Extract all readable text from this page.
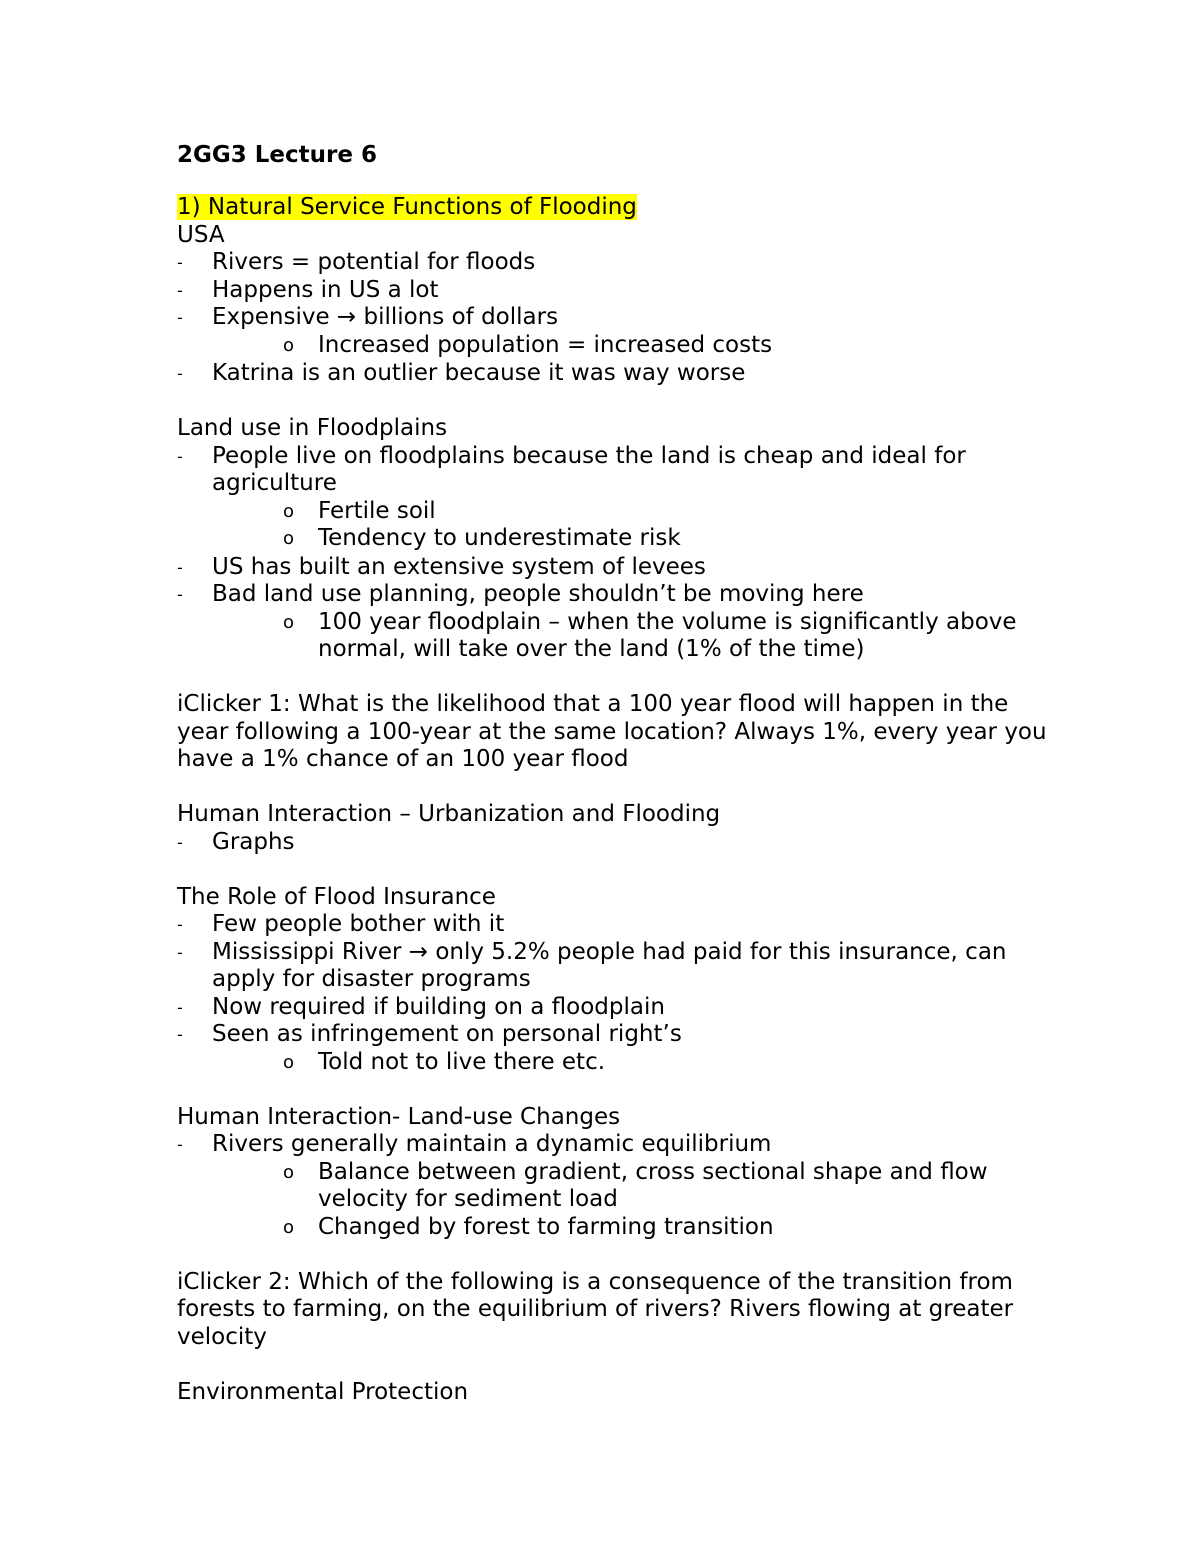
2GG3 Lecture 6

1) Natural Service Functions of Flooding

USA

- Rivers = potential for floods
- Happens in US a lot
- Expensive → billions of dollars
o Increased population = increased costs
- Katrina is an outlier because it was way worse

Land use in Floodplains

- People live on floodplains because the land is cheap and ideal for agriculture
o Fertile soil
o Tendency to underestimate risk
- US has built an extensive system of levees
- Bad land use planning, people shouldn’t be moving here
o 100 year floodplain – when the volume is significantly above normal, will take over the land (1% of the time)

iClicker 1: What is the likelihood that a 100 year flood will happen in the year following a 100-year at the same location? Always 1%, every year you have a 1% chance of an 100 year flood

Human Interaction – Urbanization and Flooding

- Graphs

The Role of Flood Insurance

- Few people bother with it
- Mississippi River → only 5.2% people had paid for this insurance, can apply for disaster programs
- Now required if building on a floodplain
- Seen as infringement on personal right’s
o Told not to live there etc.

Human Interaction- Land-use Changes

- Rivers generally maintain a dynamic equilibrium
o Balance between gradient, cross sectional shape and flow velocity for sediment load
o Changed by forest to farming transition

iClicker 2: Which of the following is a consequence of the transition from forests to farming, on the equilibrium of rivers? Rivers flowing at greater velocity

Environmental Protection
